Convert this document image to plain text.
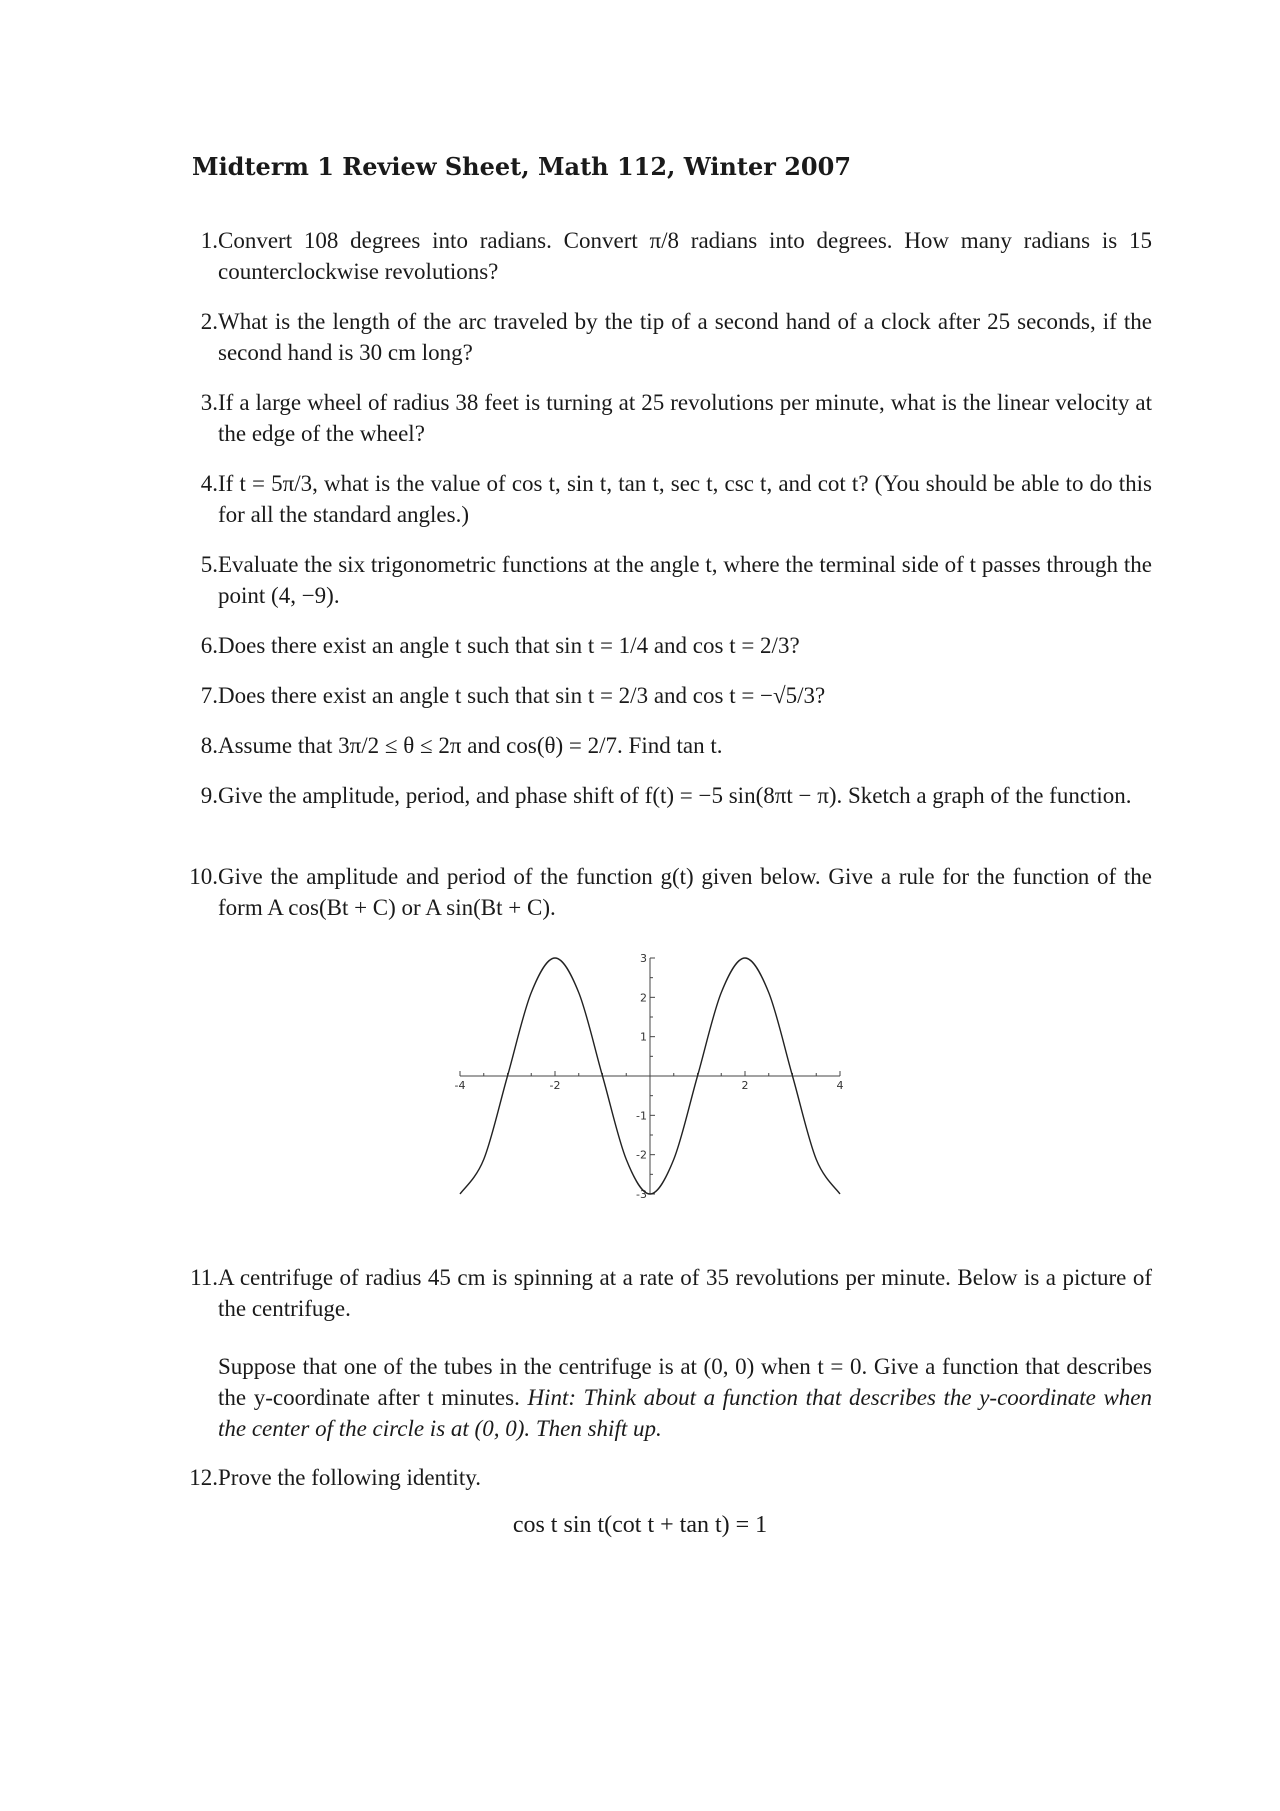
Midterm 1 Review Sheet, Math 112, Winter 2007
1. Convert 108 degrees into radians. Convert π/8 radians into degrees. How many radians is 15 counterclockwise revolutions?
2. What is the length of the arc traveled by the tip of a second hand of a clock after 25 seconds, if the second hand is 30 cm long?
3. If a large wheel of radius 38 feet is turning at 25 revolutions per minute, what is the linear velocity at the edge of the wheel?
4. If t = 5π/3, what is the value of cos t, sin t, tan t, sec t, csc t, and cot t? (You should be able to do this for all the standard angles.)
5. Evaluate the six trigonometric functions at the angle t, where the terminal side of t passes through the point (4, −9).
6. Does there exist an angle t such that sin t = 1/4 and cos t = 2/3?
7. Does there exist an angle t such that sin t = 2/3 and cos t = −√5/3?
8. Assume that 3π/2 ≤ θ ≤ 2π and cos(θ) = 2/7. Find tan t.
9. Give the amplitude, period, and phase shift of f(t) = −5 sin(8πt − π). Sketch a graph of the function.
10. Give the amplitude and period of the function g(t) given below. Give a rule for the function of the form A cos(Bt + C) or A sin(Bt + C).
-4	-2	2	4
3
2
1
-1
-2
-3
11. A centrifuge of radius 45 cm is spinning at a rate of 35 revolutions per minute. Below is a picture of the centrifuge.
Suppose that one of the tubes in the centrifuge is at (0, 0) when t = 0. Give a function that describes the y-coordinate after t minutes. Hint: Think about a function that describes the y-coordinate when the center of the circle is at (0, 0). Then shift up.
12. Prove the following identity.
cos t sin t(cot t + tan t) = 1
